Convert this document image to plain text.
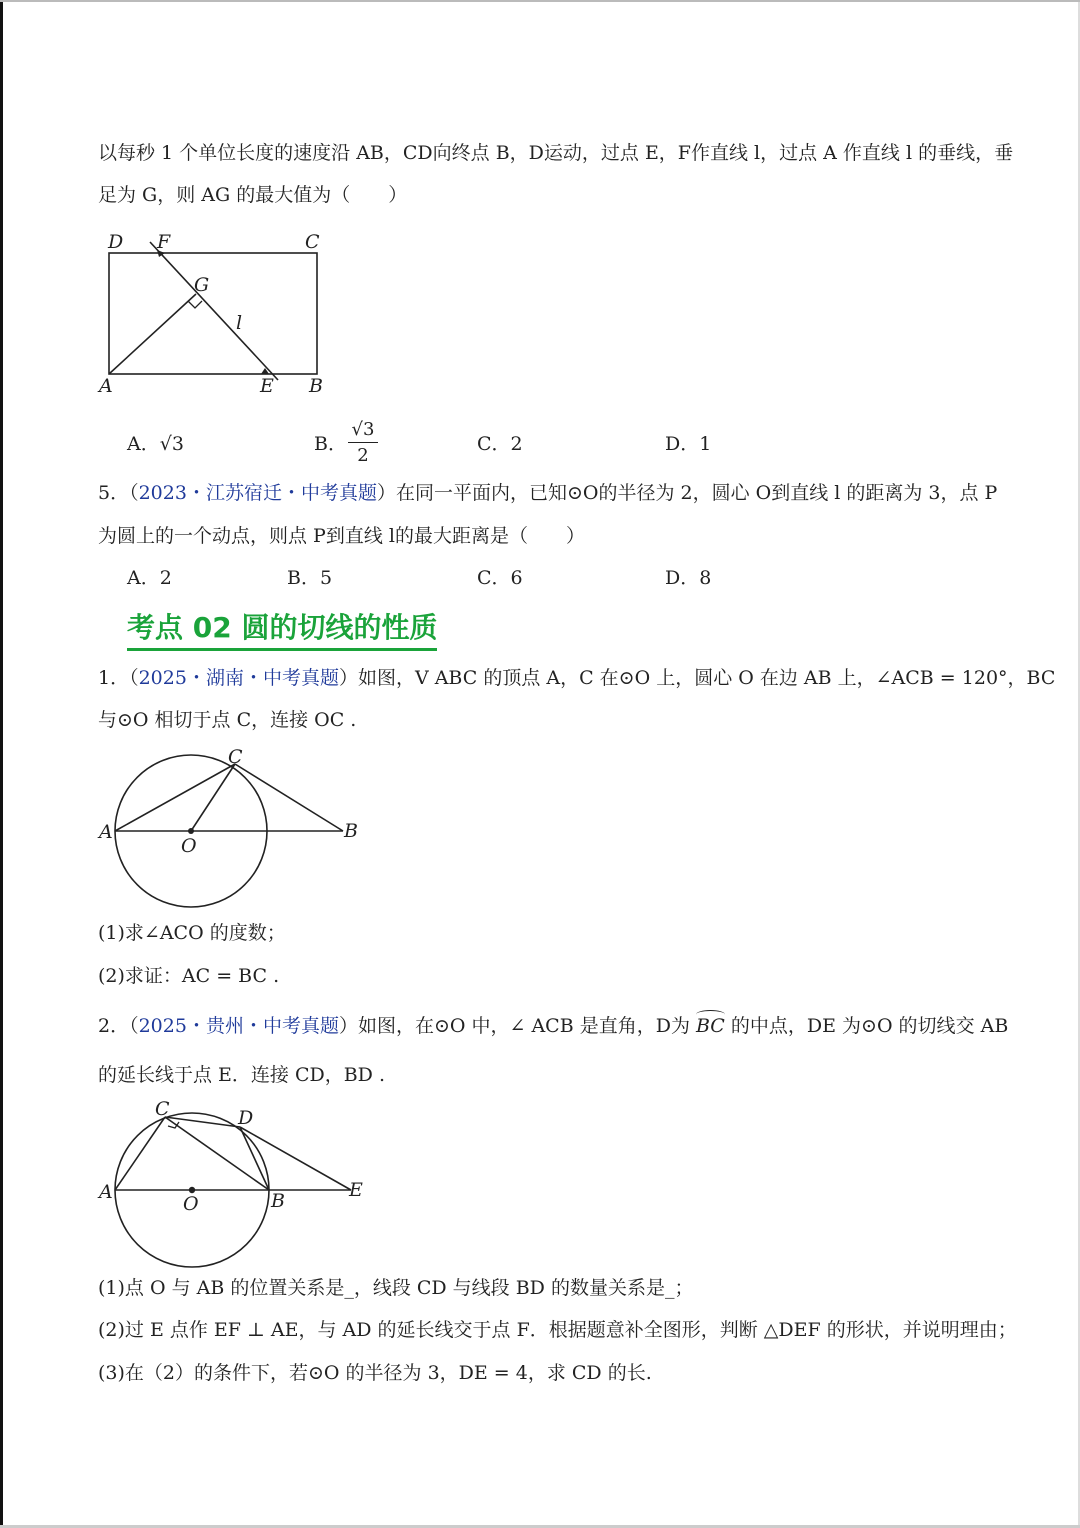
以每秒 1 个单位长度的速度沿 AB，CD向终点 B，D运动，过点 E，F作直线 l，过点 A 作直线 l 的垂线，垂
足为 G，则 AG 的最大值为（　　）
D F	C
G
l
A	E B
A．√3	B．
√3
2
C．2	D．1
5．（2023・江苏宿迁・中考真题）在同一平面内，已知⊙O的半径为 2，圆心 O到直线 l 的距离为 3，点 P
为圆上的一个动点，则点 P到直线 l的最大距离是（　　）
A．2	B．5	C．6	D．8
考点 02 圆的切线的性质
1．（2025・湖南・中考真题）如图，V ABC 的顶点 A，C 在⊙O 上，圆心 O 在边 AB 上，∠ACB = 120°，BC
与⊙O 相切于点 C，连接 OC .
C
A
O
B
(1)求∠ACO 的度数；
(2)求证：AC = BC .
2．（2025・贵州・中考真题）如图，在⊙O 中，∠ ACB 是直角，D为 BC 的中点，DE 为⊙O 的切线交 AB
的延长线于点 E．连接 CD，BD .
C	D
A
O	B	E
(1)点 O 与 AB 的位置关系是_，线段 CD 与线段 BD 的数量关系是_；
(2)过 E 点作 EF ⊥ AE，与 AD 的延长线交于点 F．根据题意补全图形，判断 △DEF 的形状，并说明理由；
(3)在（2）的条件下，若⊙O 的半径为 3，DE = 4，求 CD 的长.
